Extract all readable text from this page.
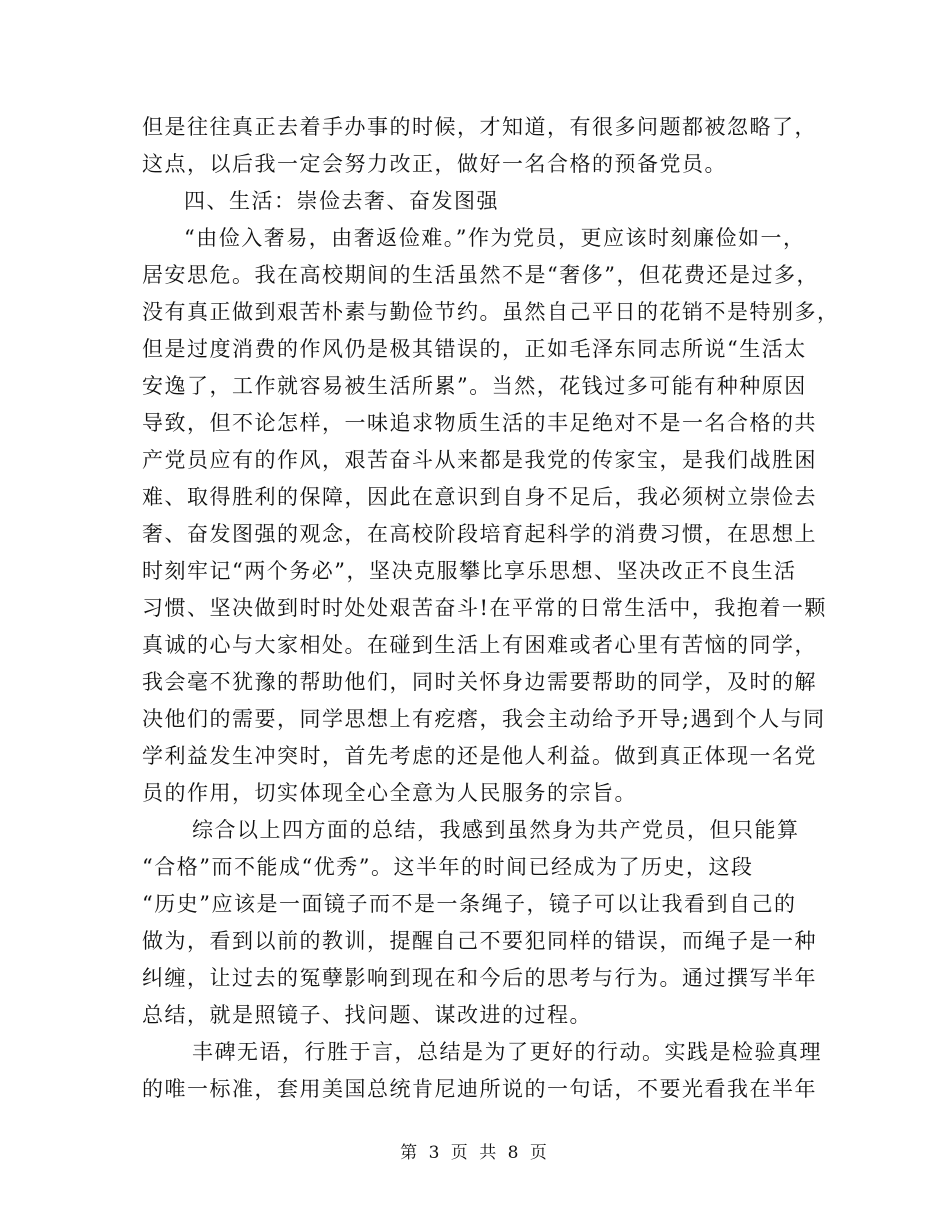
但是往往真正去着手办事的时候，才知道，有很多问题都被忽略了，
这点，以后我一定会努力改正，做好一名合格的预备党员。
四、生活：崇俭去奢、奋发图强
“由俭入奢易，由奢返俭难。”作为党员，更应该时刻廉俭如一，
居安思危。我在高校期间的生活虽然不是“奢侈”，但花费还是过多，
没有真正做到艰苦朴素与勤俭节约。虽然自己平日的花销不是特别多，
但是过度消费的作风仍是极其错误的，正如毛泽东同志所说“生活太
安逸了，工作就容易被生活所累”。当然，花钱过多可能有种种原因
导致，但不论怎样，一味追求物质生活的丰足绝对不是一名合格的共
产党员应有的作风，艰苦奋斗从来都是我党的传家宝，是我们战胜困
难、取得胜利的保障，因此在意识到自身不足后，我必须树立崇俭去
奢、奋发图强的观念，在高校阶段培育起科学的消费习惯，在思想上
时刻牢记“两个务必”，坚决克服攀比享乐思想、坚决改正不良生活
习惯、坚决做到时时处处艰苦奋斗!在平常的日常生活中，我抱着一颗
真诚的心与大家相处。在碰到生活上有困难或者心里有苦恼的同学，
我会毫不犹豫的帮助他们，同时关怀身边需要帮助的同学，及时的解
决他们的需要，同学思想上有疙瘩，我会主动给予开导;遇到个人与同
学利益发生冲突时，首先考虑的还是他人利益。做到真正体现一名党
员的作用，切实体现全心全意为人民服务的宗旨。
综合以上四方面的总结，我感到虽然身为共产党员，但只能算
“合格”而不能成“优秀”。这半年的时间已经成为了历史，这段
“历史”应该是一面镜子而不是一条绳子，镜子可以让我看到自己的
做为，看到以前的教训，提醒自己不要犯同样的错误，而绳子是一种
纠缠，让过去的冤孽影响到现在和今后的思考与行为。通过撰写半年
总结，就是照镜子、找问题、谋改进的过程。
丰碑无语，行胜于言，总结是为了更好的行动。实践是检验真理
的唯一标准，套用美国总统肯尼迪所说的一句话，不要光看我在半年
第 3 页 共 8 页
